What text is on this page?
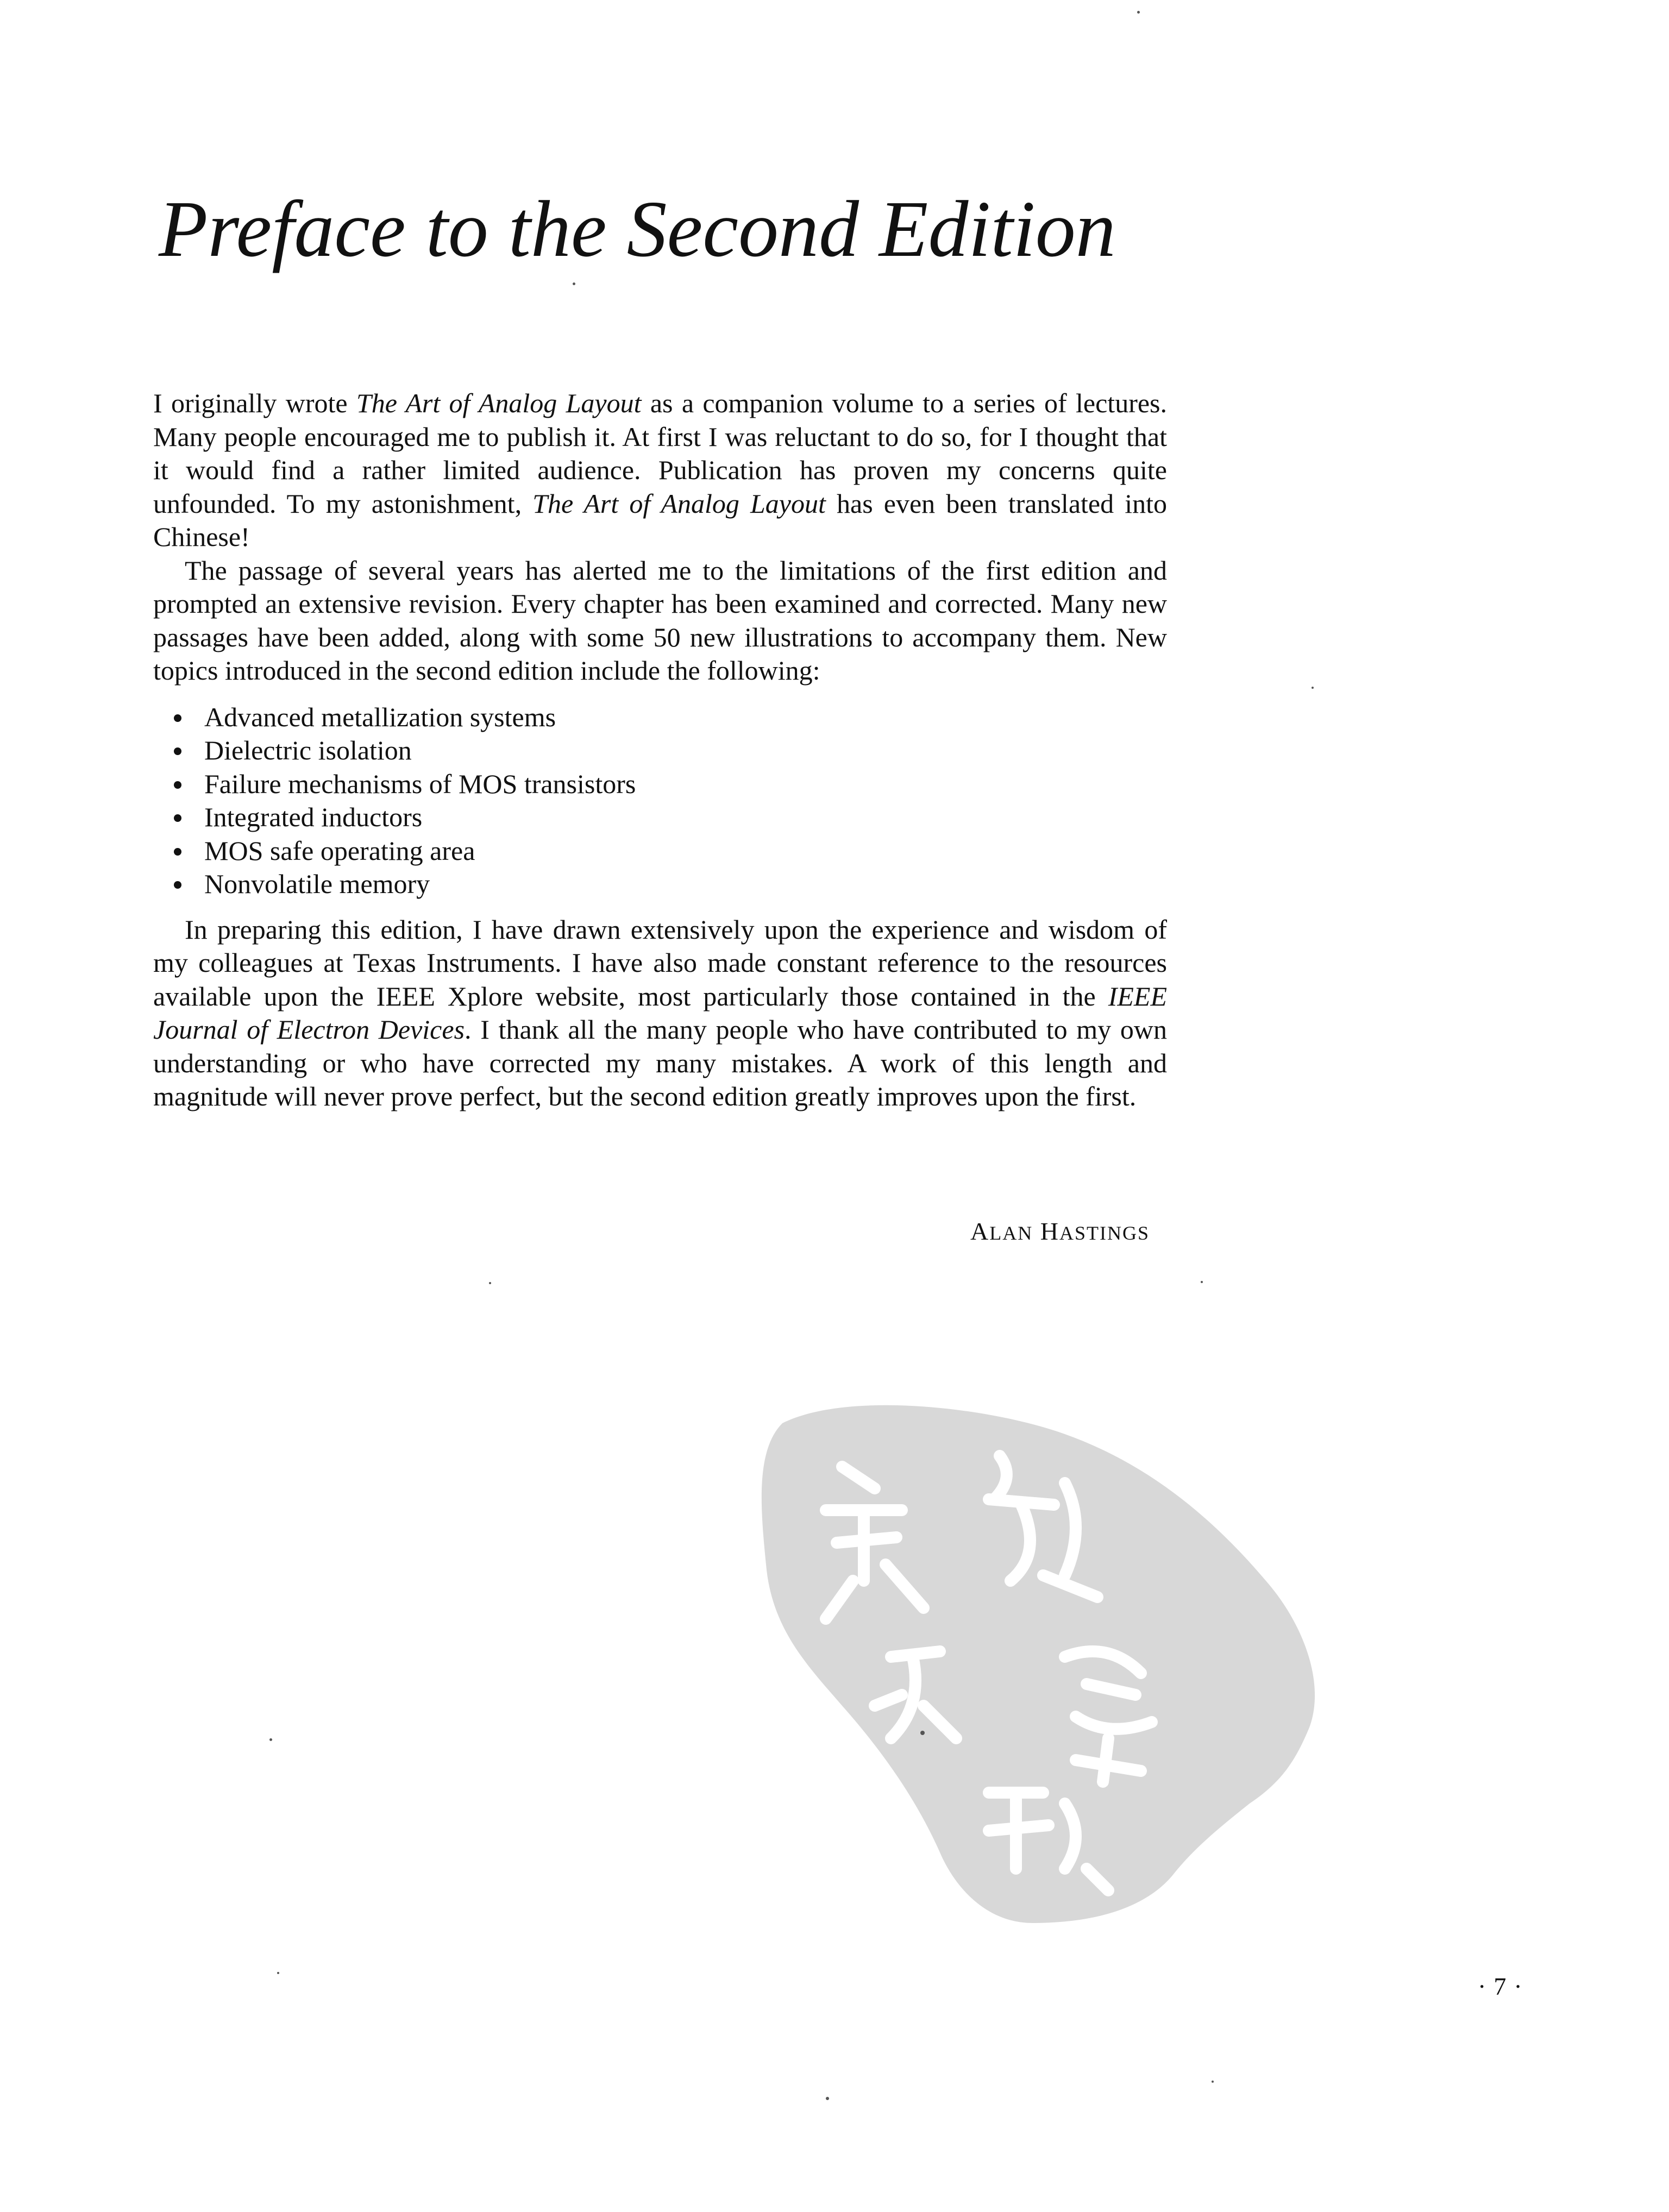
Preface to the Second Edition

I originally wrote The Art of Analog Layout as a companion volume to a series of lectures. Many people encouraged me to publish it. At first I was reluctant to do so, for I thought that it would find a rather limited audience. Publication has proven my concerns quite unfounded. To my astonishment, The Art of Analog Layout has even been translated into Chinese!

The passage of several years has alerted me to the limitations of the first edition and prompted an extensive revision. Every chapter has been examined and corrected. Many new passages have been added, along with some 50 new illustrations to accompany them. New topics introduced in the second edition include the following:

Advanced metallization systems
Dielectric isolation
Failure mechanisms of MOS transistors
Integrated inductors
MOS safe operating area
Nonvolatile memory

In preparing this edition, I have drawn extensively upon the experience and wisdom of my colleagues at Texas Instruments. I have also made constant reference to the resources available upon the IEEE Xplore website, most particularly those contained in the IEEE Journal of Electron Devices. I thank all the many people who have contributed to my own understanding or who have corrected my many mistakes. A work of this length and magnitude will never prove perfect, but the second edition greatly improves upon the first.

ALAN HASTINGS
·7·
